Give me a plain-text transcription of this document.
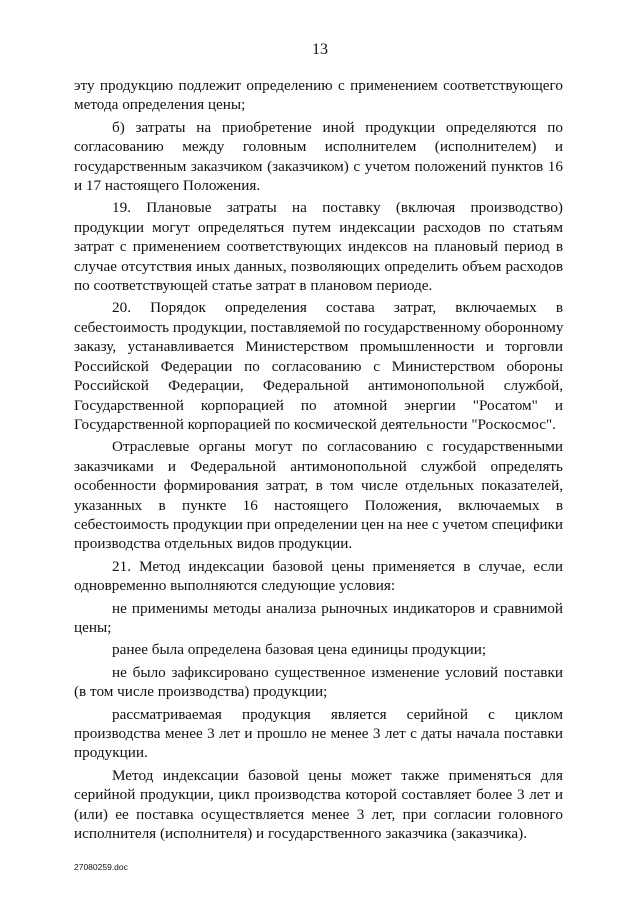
13
эту продукцию подлежит определению с применением соответствующего
метода определения цены;
б) затраты на приобретение иной продукции определяются по
согласованию между головным исполнителем (исполнителем) и
государственным заказчиком (заказчиком) с учетом положений пунктов 16
и 17 настоящего Положения.
19. Плановые затраты на поставку (включая производство)
продукции могут определяться путем индексации расходов по статьям
затрат с применением соответствующих индексов на плановый период в
случае отсутствия иных данных, позволяющих определить объем расходов
по соответствующей статье затрат в плановом периоде.
20. Порядок определения состава затрат, включаемых в
себестоимость продукции, поставляемой по государственному оборонному
заказу, устанавливается Министерством промышленности и торговли
Российской Федерации по согласованию с Министерством обороны
Российской Федерации, Федеральной антимонопольной службой,
Государственной корпорацией по атомной энергии "Росатом" и
Государственной корпорацией по космической деятельности "Роскосмос".
Отраслевые органы могут по согласованию с государственными
заказчиками и Федеральной антимонопольной службой определять
особенности формирования затрат, в том числе отдельных показателей,
указанных в пункте 16 настоящего Положения, включаемых в
себестоимость продукции при определении цен на нее с учетом специфики
производства отдельных видов продукции.
21. Метод индексации базовой цены применяется в случае, если
одновременно выполняются следующие условия:
не применимы методы анализа рыночных индикаторов и сравнимой
цены;
ранее была определена базовая цена единицы продукции;
не было зафиксировано существенное изменение условий поставки
(в том числе производства) продукции;
рассматриваемая продукция является серийной с циклом
производства менее 3 лет и прошло не менее 3 лет с даты начала поставки
продукции.
Метод индексации базовой цены может также применяться для
серийной продукции, цикл производства которой составляет более 3 лет и
(или) ее поставка осуществляется менее 3 лет, при согласии головного
исполнителя (исполнителя) и государственного заказчика (заказчика).
27080259.doc
